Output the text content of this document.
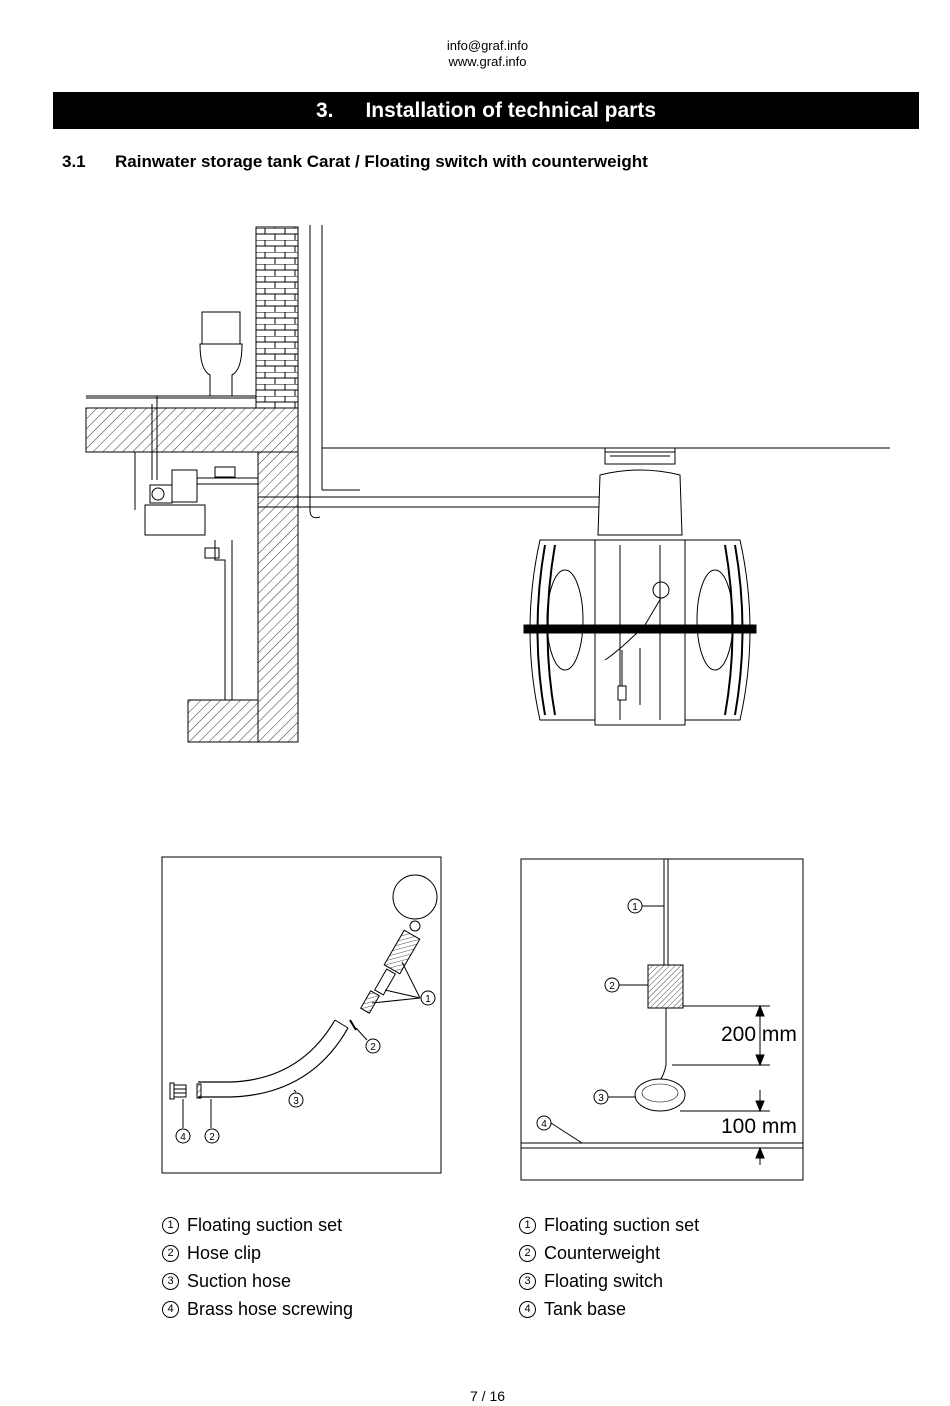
info@graf.info
www.graf.info
3. Installation of technical parts
3.1 Rainwater storage tank Carat / Floating switch with counterweight
1
2
3
4 2
1
2
3
4
200 mm
100 mm
1 Floating suction set
2 Hose clip
3 Suction hose
4 Brass hose screwing
1 Floating suction set
2 Counterweight
3 Floating switch
4 Tank base
7 / 16
